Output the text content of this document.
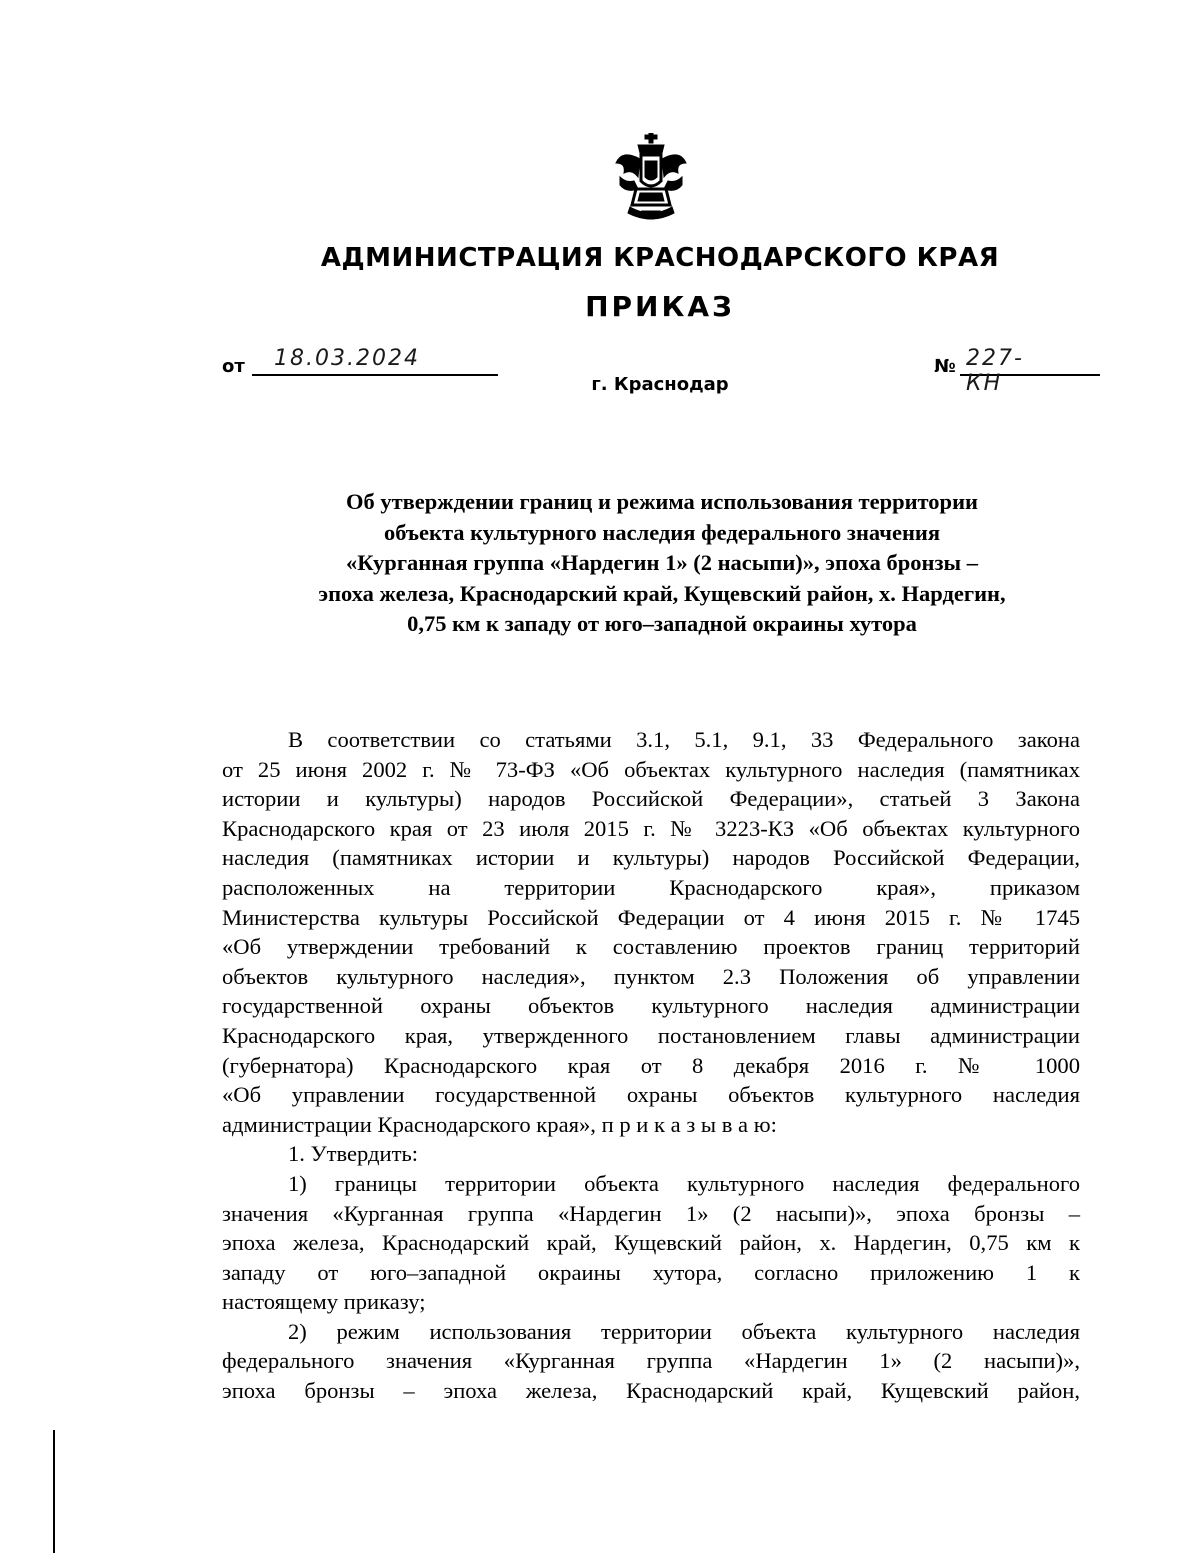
АДМИНИСТРАЦИЯ КРАСНОДАРСКОГО КРАЯ
ПРИКАЗ
от 18.03.2024
г. Краснодар
№ 227-КН
Об утверждении границ и режима использования территории
объекта культурного наследия федерального значения
«Курганная группа «Нардегин 1» (2 насыпи)», эпоха бронзы –
эпоха железа, Краснодарский край, Кущевский район, х. Нардегин,
0,75 км к западу от юго–западной окраины хутора
В соответствии со статьями 3.1, 5.1, 9.1, 33 Федерального закона
от 25 июня 2002 г. № 73-ФЗ «Об объектах культурного наследия (памятниках
истории и культуры) народов Российской Федерации», статьей 3 Закона
Краснодарского края от 23 июля 2015 г. № 3223-КЗ «Об объектах культурного
наследия (памятниках истории и культуры) народов Российской Федерации,
расположенных на территории Краснодарского края», приказом
Министерства культуры Российской Федерации от 4 июня 2015 г. № 1745
«Об утверждении требований к составлению проектов границ территорий
объектов культурного наследия», пунктом 2.3 Положения об управлении
государственной охраны объектов культурного наследия администрации
Краснодарского края, утвержденного постановлением главы администрации
(губернатора) Краснодарского края от 8 декабря 2016 г. № 1000
«Об управлении государственной охраны объектов культурного наследия
администрации Краснодарского края», п р и к а з ы в а ю:
1. Утвердить:
1) границы территории объекта культурного наследия федерального
значения «Курганная группа «Нардегин 1» (2 насыпи)», эпоха бронзы –
эпоха железа, Краснодарский край, Кущевский район, х. Нардегин, 0,75 км к
западу от юго–западной окраины хутора, согласно приложению 1 к
настоящему приказу;
2) режим использования территории объекта культурного наследия
федерального значения «Курганная группа «Нардегин 1» (2 насыпи)»,
эпоха бронзы – эпоха железа, Краснодарский край, Кущевский район,
